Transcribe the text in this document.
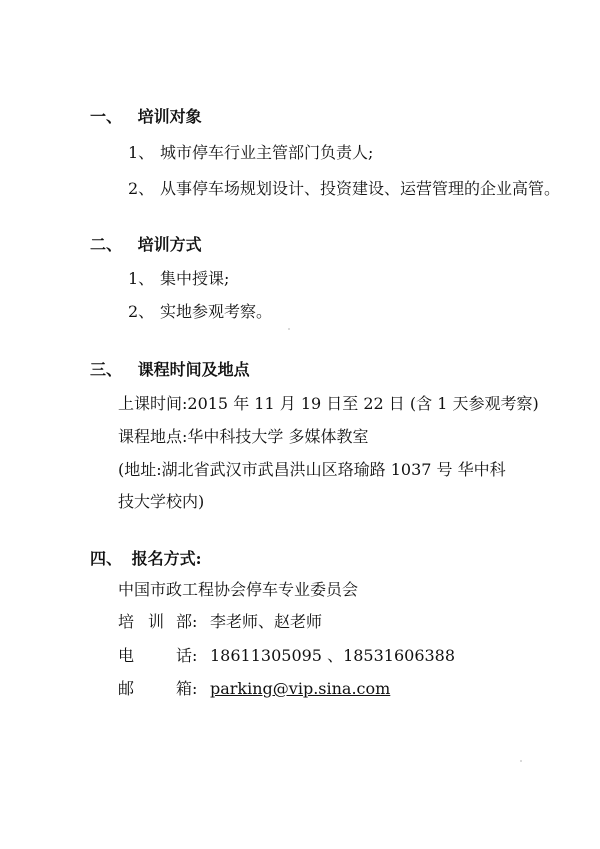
一、 培训对象
1、 城市停车行业主管部门负责人;
2、 从事停车场规划设计、投资建设、运营管理的企业高管。
二、 培训方式
1、 集中授课;
2、 实地参观考察。
三、 课程时间及地点
上课时间:2015 年 11 月 19 日至 22 日 (含 1 天参观考察)
课程地点:华中科技大学 多媒体教室
(地址:湖北省武汉市武昌洪山区珞瑜路 1037 号 华中科
技大学校内)
四、 报名方式:
中国市政工程协会停车专业委员会
培 训 部: 李老师、赵老师
电	话: 18611305095 、18531606388
邮	箱: parking@vip.sina.com
